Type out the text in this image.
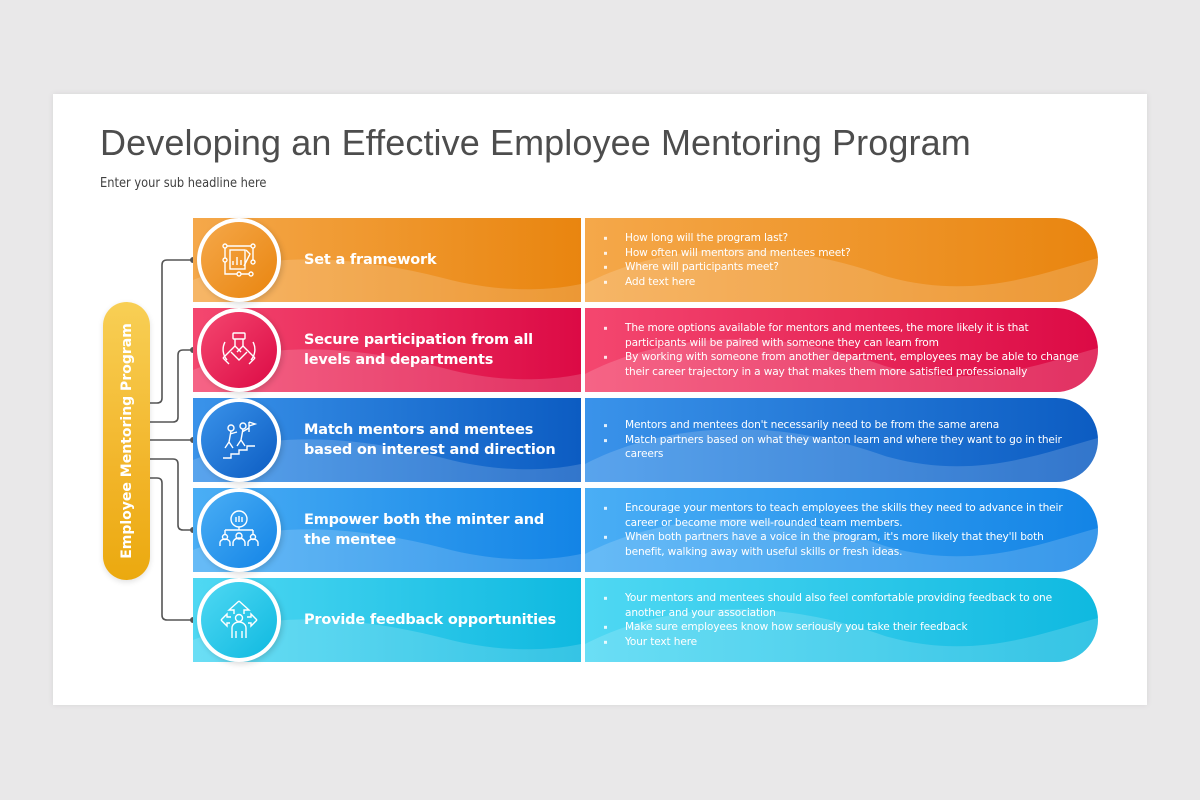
Developing an Effective Employee Mentoring Program
Enter your sub headline here
Employee Mentoring Program
Set a framework
How long will the program last?
How often will mentors and mentees meet?
Where will participants meet?
Add text here
Secure participation from all levels and departments
The more options available for mentors and mentees, the more likely it is that participants will be paired with someone they can learn from
By working with someone from another department, employees may be able to change their career trajectory in a way that makes them more satisfied professionally
Match mentors and mentees based on interest and direction
Mentors and mentees don't necessarily need to be from the same arena
Match partners based on what they wanton learn and where they want to go in their careers
Empower both the minter and the mentee
Encourage your mentors to teach employees the skills they need to advance in their career or become more well-rounded team members.
When both partners have a voice in the program, it's more likely that they'll both benefit, walking away with useful skills or fresh ideas.
Provide feedback opportunities
Your mentors and mentees should also feel comfortable providing feedback to one another and your association
Make sure employees know how seriously you take their feedback
Your text here
